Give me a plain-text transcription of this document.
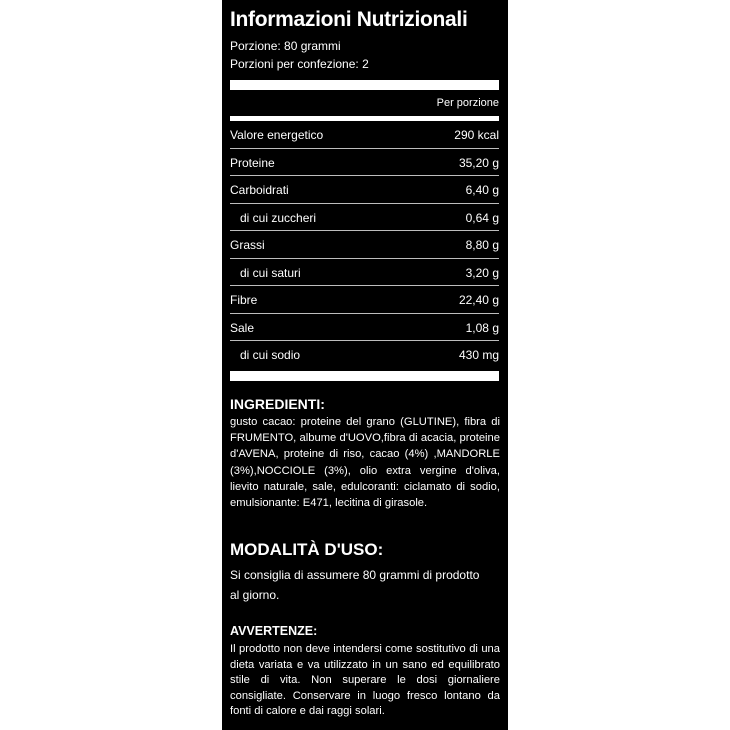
Informazioni Nutrizionali
Porzione: 80 grammi
Porzioni per confezione: 2
Per porzione
Valore energetico	290 kcal
Proteine	35,20 g
Carboidrati	6,40 g
di cui zuccheri	0,64 g
Grassi	8,80 g
di cui saturi	3,20 g
Fibre	22,40 g
Sale	1,08 g
di cui sodio	430 mg
INGREDIENTI:
gusto cacao: proteine del grano (GLUTINE), fibra di FRUMENTO, albume d'UOVO,fibra di acacia, proteine d'AVENA, proteine di riso, cacao (4%) ,MANDORLE (3%),NOCCIOLE (3%), olio extra vergine d'oliva, lievito naturale, sale, edulcoranti: ciclamato di sodio, emulsionante: E471, lecitina di girasole.
MODALITÀ D'USO:
Si consiglia di assumere 80 grammi di prodotto al giorno.
AVVERTENZE:
Il prodotto non deve intendersi come sostitutivo di una dieta variata e va utilizzato in un sano ed equilibrato stile di vita. Non superare le dosi giornaliere consigliate. Conservare in luogo fresco lontano da fonti di calore e dai raggi solari.
